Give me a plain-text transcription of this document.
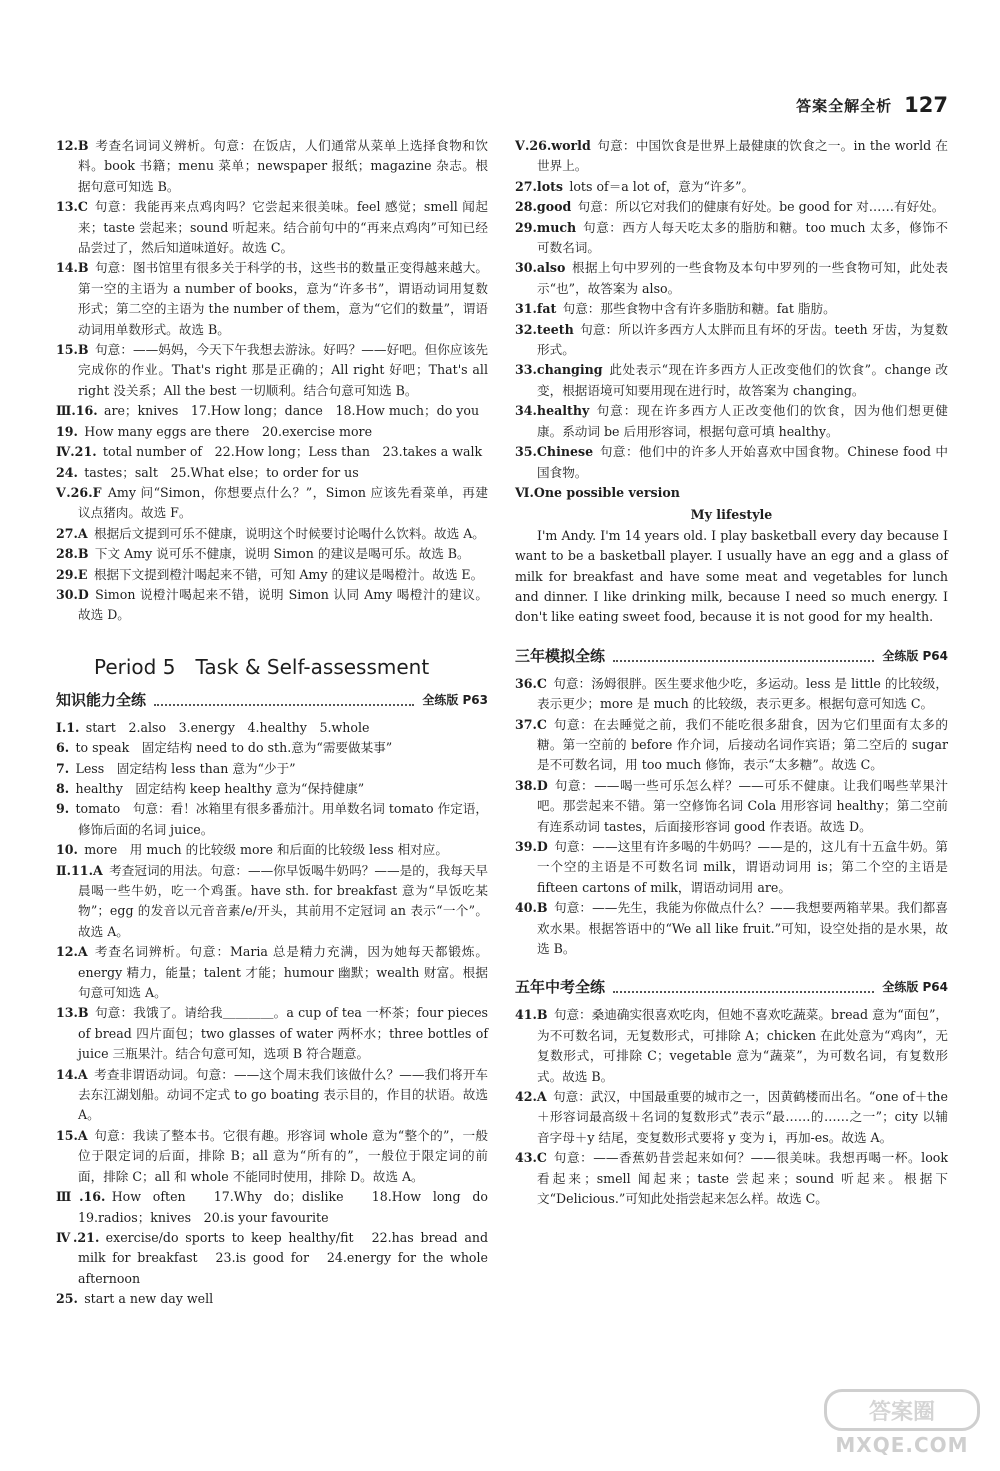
答案全解全析 127
12.B  考查名词词义辨析。句意：在饭店，人们通常从菜单上选择食物和饮料。book 书籍；menu 菜单；newspaper 报纸；magazine 杂志。根据句意可知选 B。
13.C  句意：我能再来点鸡肉吗？它尝起来很美味。feel 感觉；smell 闻起来；taste 尝起来；sound 听起来。结合前句中的“再来点鸡肉”可知已经品尝过了，然后知道味道好。故选 C。
14.B  句意：图书馆里有很多关于科学的书，这些书的数量正变得越来越大。第一空的主语为 a number of books，意为“许多书”，谓语动词用复数形式；第二空的主语为 the number of them，意为“它们的数量”，谓语动词用单数形式。故选 B。
15.B  句意：——妈妈，今天下午我想去游泳。好吗？——好吧。但你应该先完成你的作业。That's right 那是正确的；All right 好吧；That's all right 没关系；All the best 一切顺利。结合句意可知选 B。
Ⅲ.16.  are；knives　17.How long；dance　18.How much；do you
19.  How many eggs are there　20.exercise more
Ⅳ.21.  total number of　22.How long；Less than　23.takes a walk
24.  tastes；salt　25.What else；to order for us
Ⅴ.26.F  Amy 问“Simon，你想要点什么？”，Simon 应该先看菜单，再建议点猪肉。故选 F。
27.A  根据后文提到可乐不健康，说明这个时候要讨论喝什么饮料。故选 A。
28.B  下文 Amy 说可乐不健康，说明 Simon 的建议是喝可乐。故选 B。
29.E  根据下文提到橙汁喝起来不错，可知 Amy 的建议是喝橙汁。故选 E。
30.D  Simon 说橙汁喝起来不错，说明 Simon 认同 Amy 喝橙汁的建议。故选 D。
Period 5　Task & Self-assessment
知识能力全练	全练版 P63
Ⅰ.1.  start　2.also　3.energy　4.healthy　5.whole
6.  to speak　固定结构 need to do sth.意为“需要做某事”
7.  Less　固定结构 less than 意为“少于”
8.  healthy　固定结构 keep healthy 意为“保持健康”
9.  tomato　句意：看！冰箱里有很多番茄汁。用单数名词 tomato 作定语，修饰后面的名词 juice。
10.  more　用 much 的比较级 more 和后面的比较级 less 相对应。
Ⅱ.11.A  考查冠词的用法。句意：——你早饭喝牛奶吗？——是的，我每天早晨喝一些牛奶，吃一个鸡蛋。have sth. for breakfast 意为“早饭吃某物”；egg 的发音以元音音素/e/开头，其前用不定冠词 an 表示“一个”。故选 A。
12.A  考查名词辨析。句意：Maria 总是精力充满，因为她每天都锻炼。energy 精力，能量；talent 才能；humour 幽默；wealth 财富。根据句意可知选 A。
13.B  句意：我饿了。请给我＿＿＿＿。a cup of tea 一杯茶；four pieces of bread 四片面包；two glasses of water 两杯水；three bottles of juice 三瓶果汁。结合句意可知，选项 B 符合题意。
14.A  考查非谓语动词。句意：——这个周末我们该做什么？——我们将开车去东江湖划船。动词不定式 to go boating 表示目的，作目的状语。故选 A。
15.A  句意：我读了整本书。它很有趣。形容词 whole 意为“整个的”，一般位于限定词的后面，排除 B；all 意为“所有的”，一般位于限定词的前面，排除 C；all 和 whole 不能同时使用，排除 D。故选 A。
Ⅲ.16.  How often　17.Why do；dislike　18.How long do　19.radios；knives　20.is your favourite
Ⅳ.21.  exercise/do sports to keep healthy/fit　22.has bread and milk for breakfast　23.is good for　24.energy for the whole afternoon
25.  start a new day well
Ⅴ.26.world  句意：中国饮食是世界上最健康的饮食之一。in the world 在世界上。
27.lots  lots of＝a lot of，意为“许多”。
28.good  句意：所以它对我们的健康有好处。be good for 对……有好处。
29.much  句意：西方人每天吃太多的脂肪和糖。too much 太多，修饰不可数名词。
30.also  根据上句中罗列的一些食物及本句中罗列的一些食物可知，此处表示“也”，故答案为 also。
31.fat  句意：那些食物中含有许多脂肪和糖。fat 脂肪。
32.teeth  句意：所以许多西方人太胖而且有坏的牙齿。teeth 牙齿，为复数形式。
33.changing  此处表示“现在许多西方人正改变他们的饮食”。change 改变，根据语境可知要用现在进行时，故答案为 changing。
34.healthy  句意：现在许多西方人正改变他们的饮食，因为他们想更健康。系动词 be 后用形容词，根据句意可填 healthy。
35.Chinese  句意：他们中的许多人开始喜欢中国食物。Chinese food 中国食物。
Ⅵ.One possible version 
My lifestyle
I'm Andy. I'm 14 years old. I play basketball every day because I want to be a basketball player. I usually have an egg and a glass of milk for breakfast and have some meat and vegetables for lunch and dinner. I like drinking milk, because I need so much energy. I don't like eating sweet food, because it is not good for my health.
三年模拟全练	全练版 P64
36.C  句意：汤姆很胖。医生要求他少吃，多运动。less 是 little 的比较级，表示更少；more 是 much 的比较级，表示更多。根据句意可知选 C。
37.C  句意：在去睡觉之前，我们不能吃很多甜食，因为它们里面有太多的糖。第一空前的 before 作介词，后接动名词作宾语；第二空后的 sugar 是不可数名词，用 too much 修饰，表示“太多糖”。故选 C。
38.D  句意：——喝一些可乐怎么样？——可乐不健康。让我们喝些苹果汁吧。那尝起来不错。第一空修饰名词 Cola 用形容词 healthy；第二空前有连系动词 tastes，后面接形容词 good 作表语。故选 D。
39.D  句意：——这里有许多喝的牛奶吗？——是的，这儿有十五盒牛奶。第一个空的主语是不可数名词 milk，谓语动词用 is；第二个空的主语是 fifteen cartons of milk，谓语动词用 are。
40.B  句意：——先生，我能为你做点什么？——我想要两箱苹果。我们都喜欢水果。根据答语中的“We all like fruit.”可知，设空处指的是水果，故选 B。
五年中考全练	全练版 P64
41.B  句意：桑迪确实很喜欢吃肉，但她不喜欢吃蔬菜。bread 意为“面包”，为不可数名词，无复数形式，可排除 A；chicken 在此处意为“鸡肉”，无复数形式，可排除 C；vegetable 意为“蔬菜”，为可数名词，有复数形式。故选 B。
42.A  句意：武汉，中国最重要的城市之一，因黄鹤楼而出名。“one of＋the＋形容词最高级＋名词的复数形式”表示“最……的……之一”；city 以辅音字母＋y 结尾，变复数形式要将 y 变为 i，再加-es。故选 A。
43.C  句意：——香蕉奶昔尝起来如何？——很美味。我想再喝一杯。look 看起来；smell 闻起来；taste 尝起来；sound 听起来。根据下文“Delicious.”可知此处指尝起来怎么样。故选 C。
答案圈
MXQE.COM
